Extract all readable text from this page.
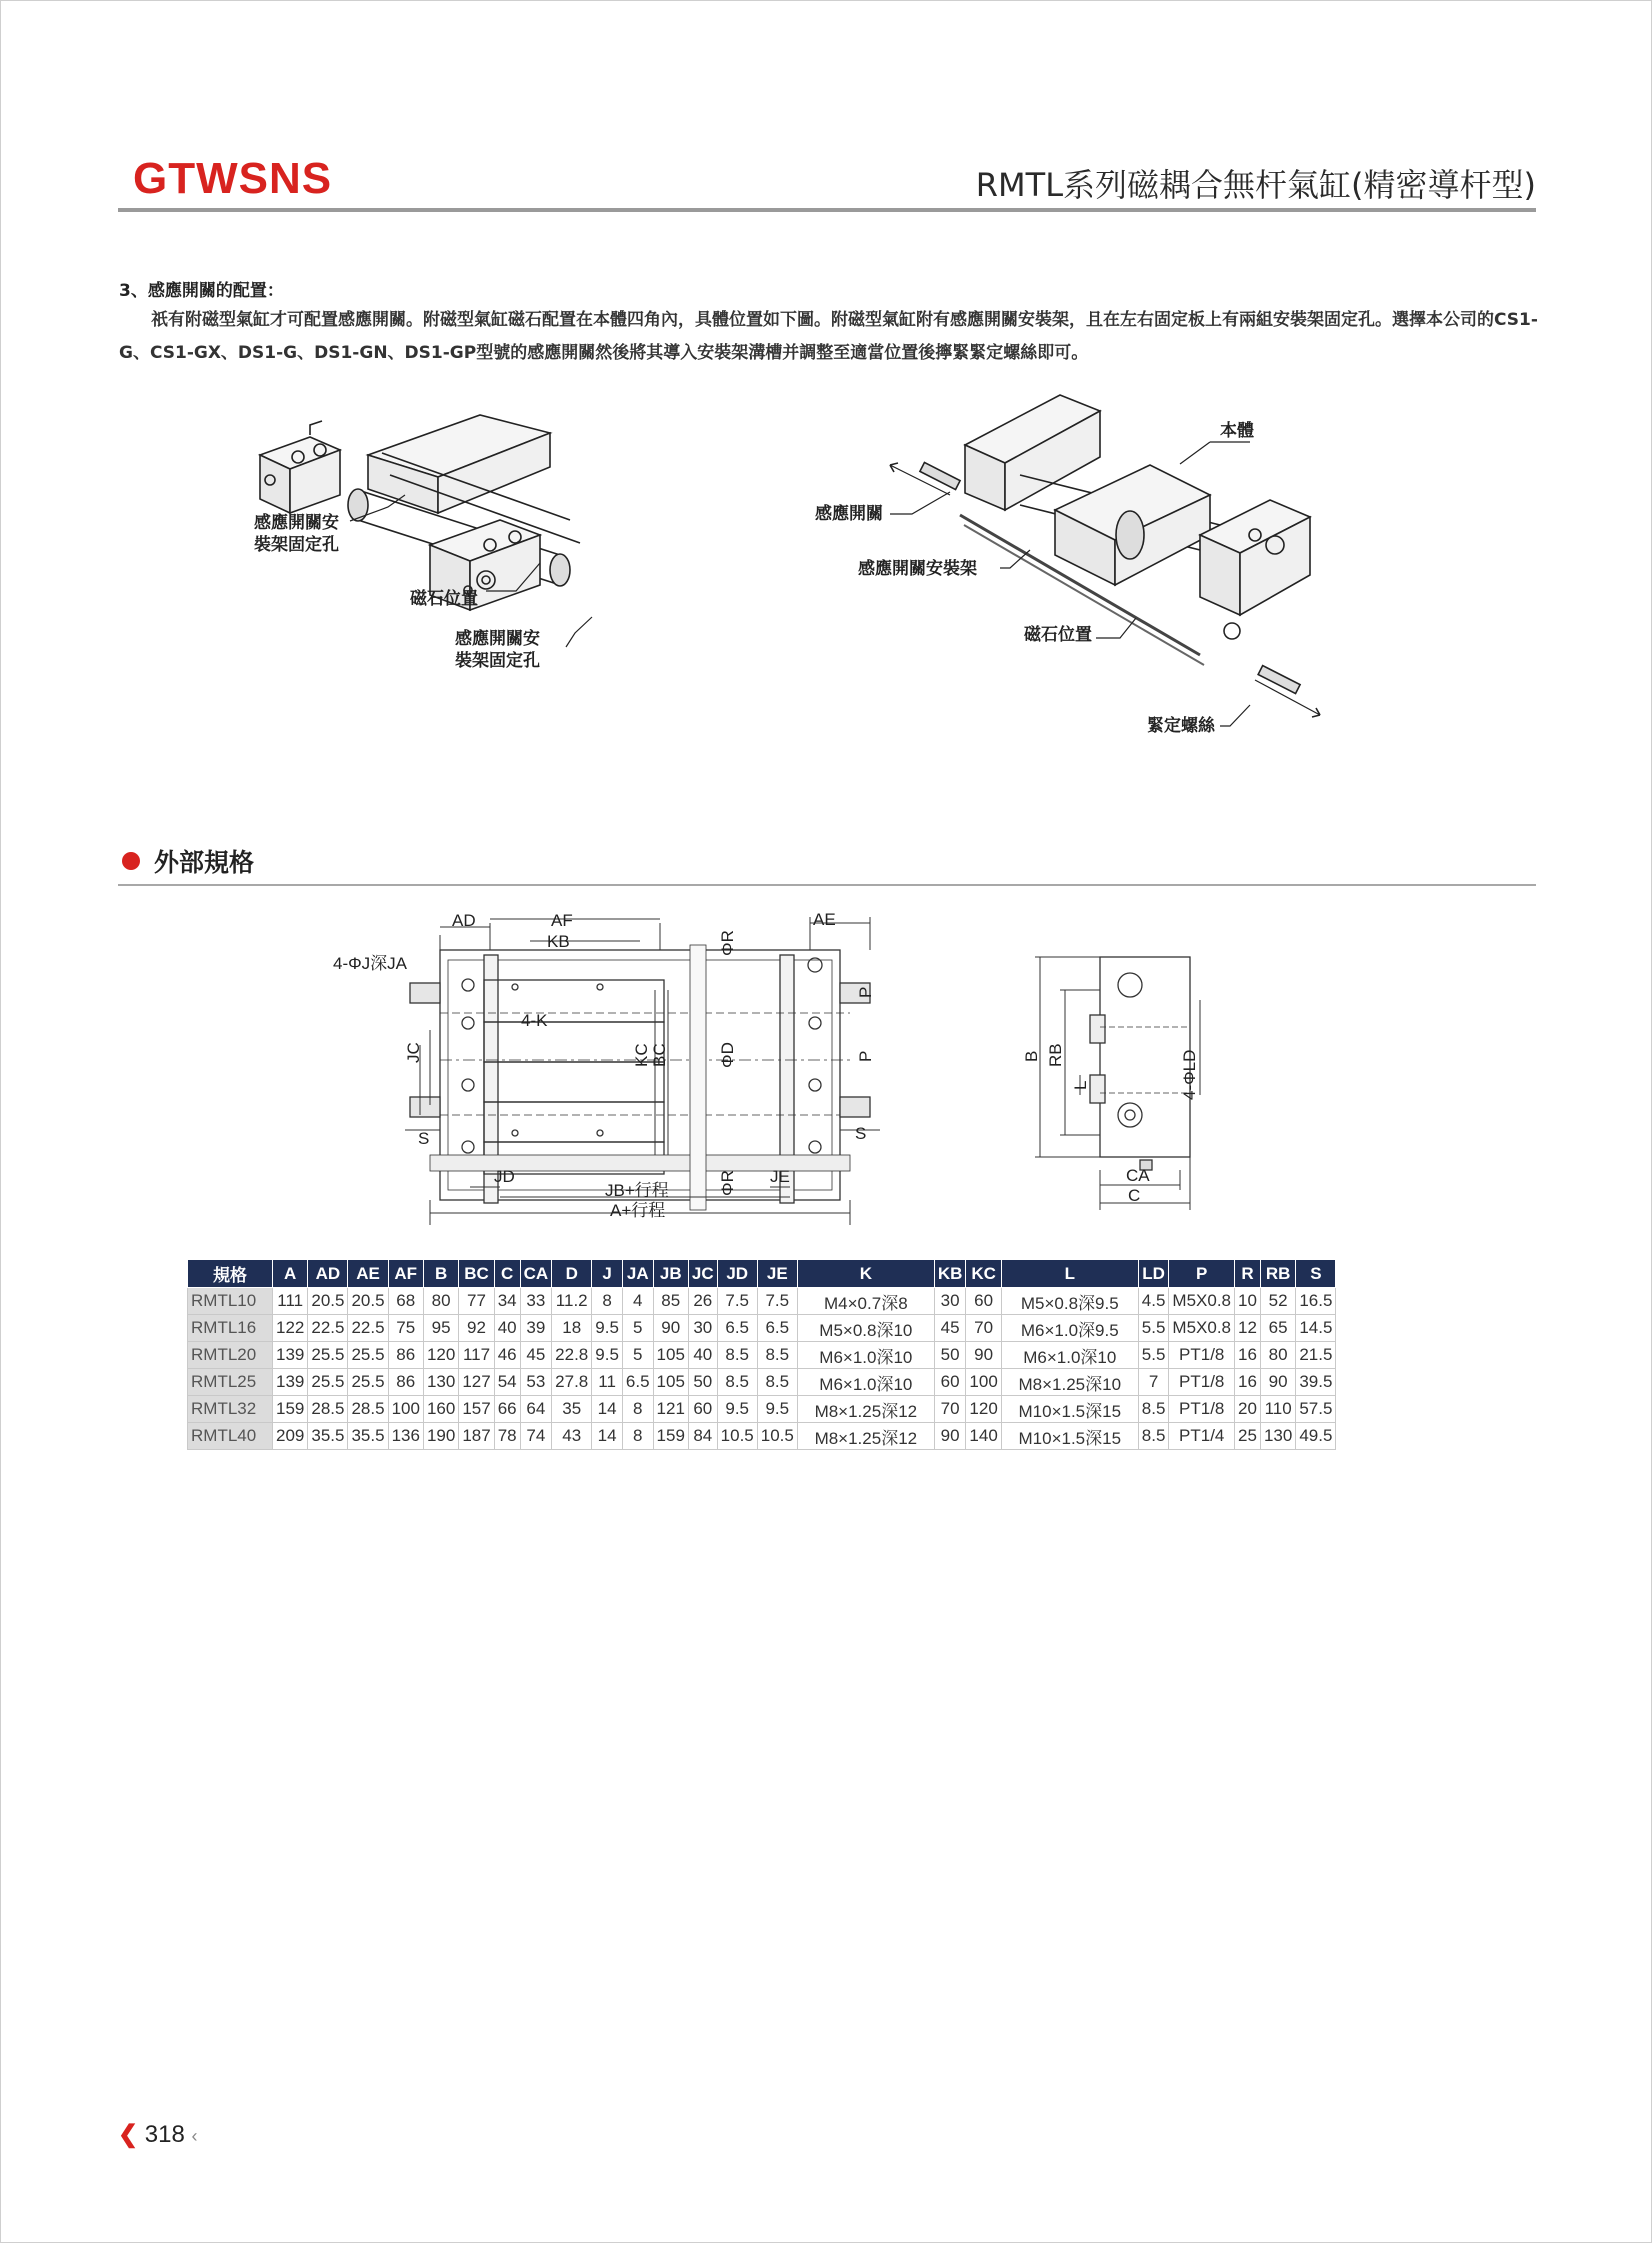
GTWSNS	RMTL系列磁耦合無杆氣缸(精密導杆型)
3、感應開關的配置：
祇有附磁型氣缸才可配置感應開關。附磁型氣缸磁石配置在本體四角內，具體位置如下圖。附磁型氣缸附有感應開關安裝架，且在左右固定板上有兩組安裝架固定孔。選擇本公司的CS1-G、CS1-GX、DS1-G、DS1-GN、DS1-GP型號的感應開關然後將其導入安裝架溝槽并調整至適當位置後擰緊緊定螺絲即可。
感應開關安
裝架固定孔
磁石位置
感應開關安
裝架固定孔
本體
感應開關
感應開關安裝架
磁石位置
緊定螺絲
外部規格
AD	AF
KB
AE
4-ΦJ深JA
4-K
JC	KC BC
ΦR
ΦD
ΦR
P
P
S	S
JD	JE
JB+行程
A+行程
B RB
L	4-ΦLD
CA
C
規格	A	AD	AE	AF	B	BC	C	CA	D	J	JA	JB	JC	JD	JE	K	KB	KC	L	LD	P	R	RB	S
RMTL10	111	20.5	20.5	68	80	77	34	33	11.2	8	4	85	26	7.5	7.5	M4×0.7深8	30	60	M5×0.8深9.5	4.5	M5X0.8	10	52	16.5
RMTL16	122	22.5	22.5	75	95	92	40	39	18	9.5	5	90	30	6.5	6.5	M5×0.8深10	45	70	M6×1.0深9.5	5.5	M5X0.8	12	65	14.5
RMTL20	139	25.5	25.5	86	120	117	46	45	22.8	9.5	5	105	40	8.5	8.5	M6×1.0深10	50	90	M6×1.0深10	5.5	PT1/8	16	80	21.5
RMTL25	139	25.5	25.5	86	130	127	54	53	27.8	11	6.5	105	50	8.5	8.5	M6×1.0深10	60	100	M8×1.25深10	7	PT1/8	16	90	39.5
RMTL32	159	28.5	28.5	100	160	157	66	64	35	14	8	121	60	9.5	9.5	M8×1.25深12	70	120	M10×1.5深15	8.5	PT1/8	20	110	57.5
RMTL40	209	35.5	35.5	136	190	187	78	74	43	14	8	159	84	10.5	10.5	M8×1.25深12	90	140	M10×1.5深15	8.5	PT1/4	25	130	49.5
❮ 318 ‹
